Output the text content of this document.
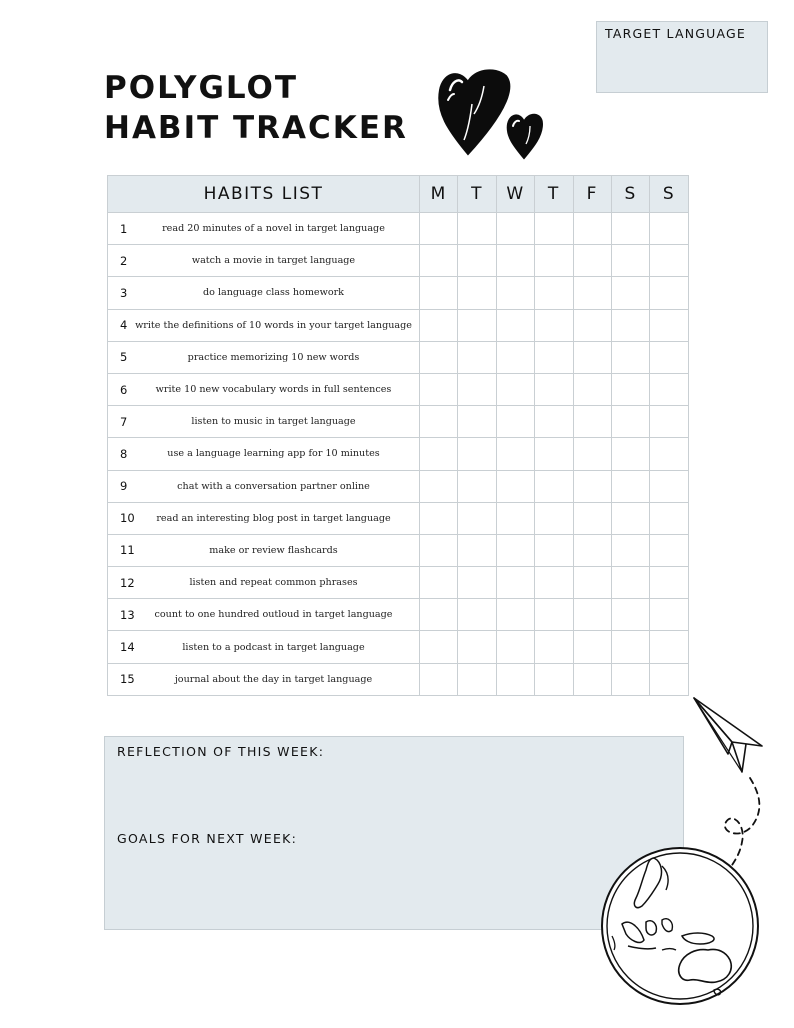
TARGET LANGUAGE
POLYGLOT
HABIT TRACKER
HABITS LIST	M	T	W	T	F	S	S

1 read 20 minutes of a novel in target language							

2 watch a movie in target language							

3 do language class homework							

4 write the definitions of 10 words in your target language							

5 practice memorizing 10 new words							

6 write 10 new vocabulary words in full sentences							

7 listen to music in target language							

8 use a language learning app for 10 minutes							

9 chat with a conversation partner online							

10 read an interesting blog post in target language							

11 make or review flashcards							

12 listen and repeat common phrases							

13 count to one hundred outloud in target language							

14 listen to a podcast in target language							

15 journal about the day in target language							

REFLECTION OF THIS WEEK:
GOALS FOR NEXT WEEK:
